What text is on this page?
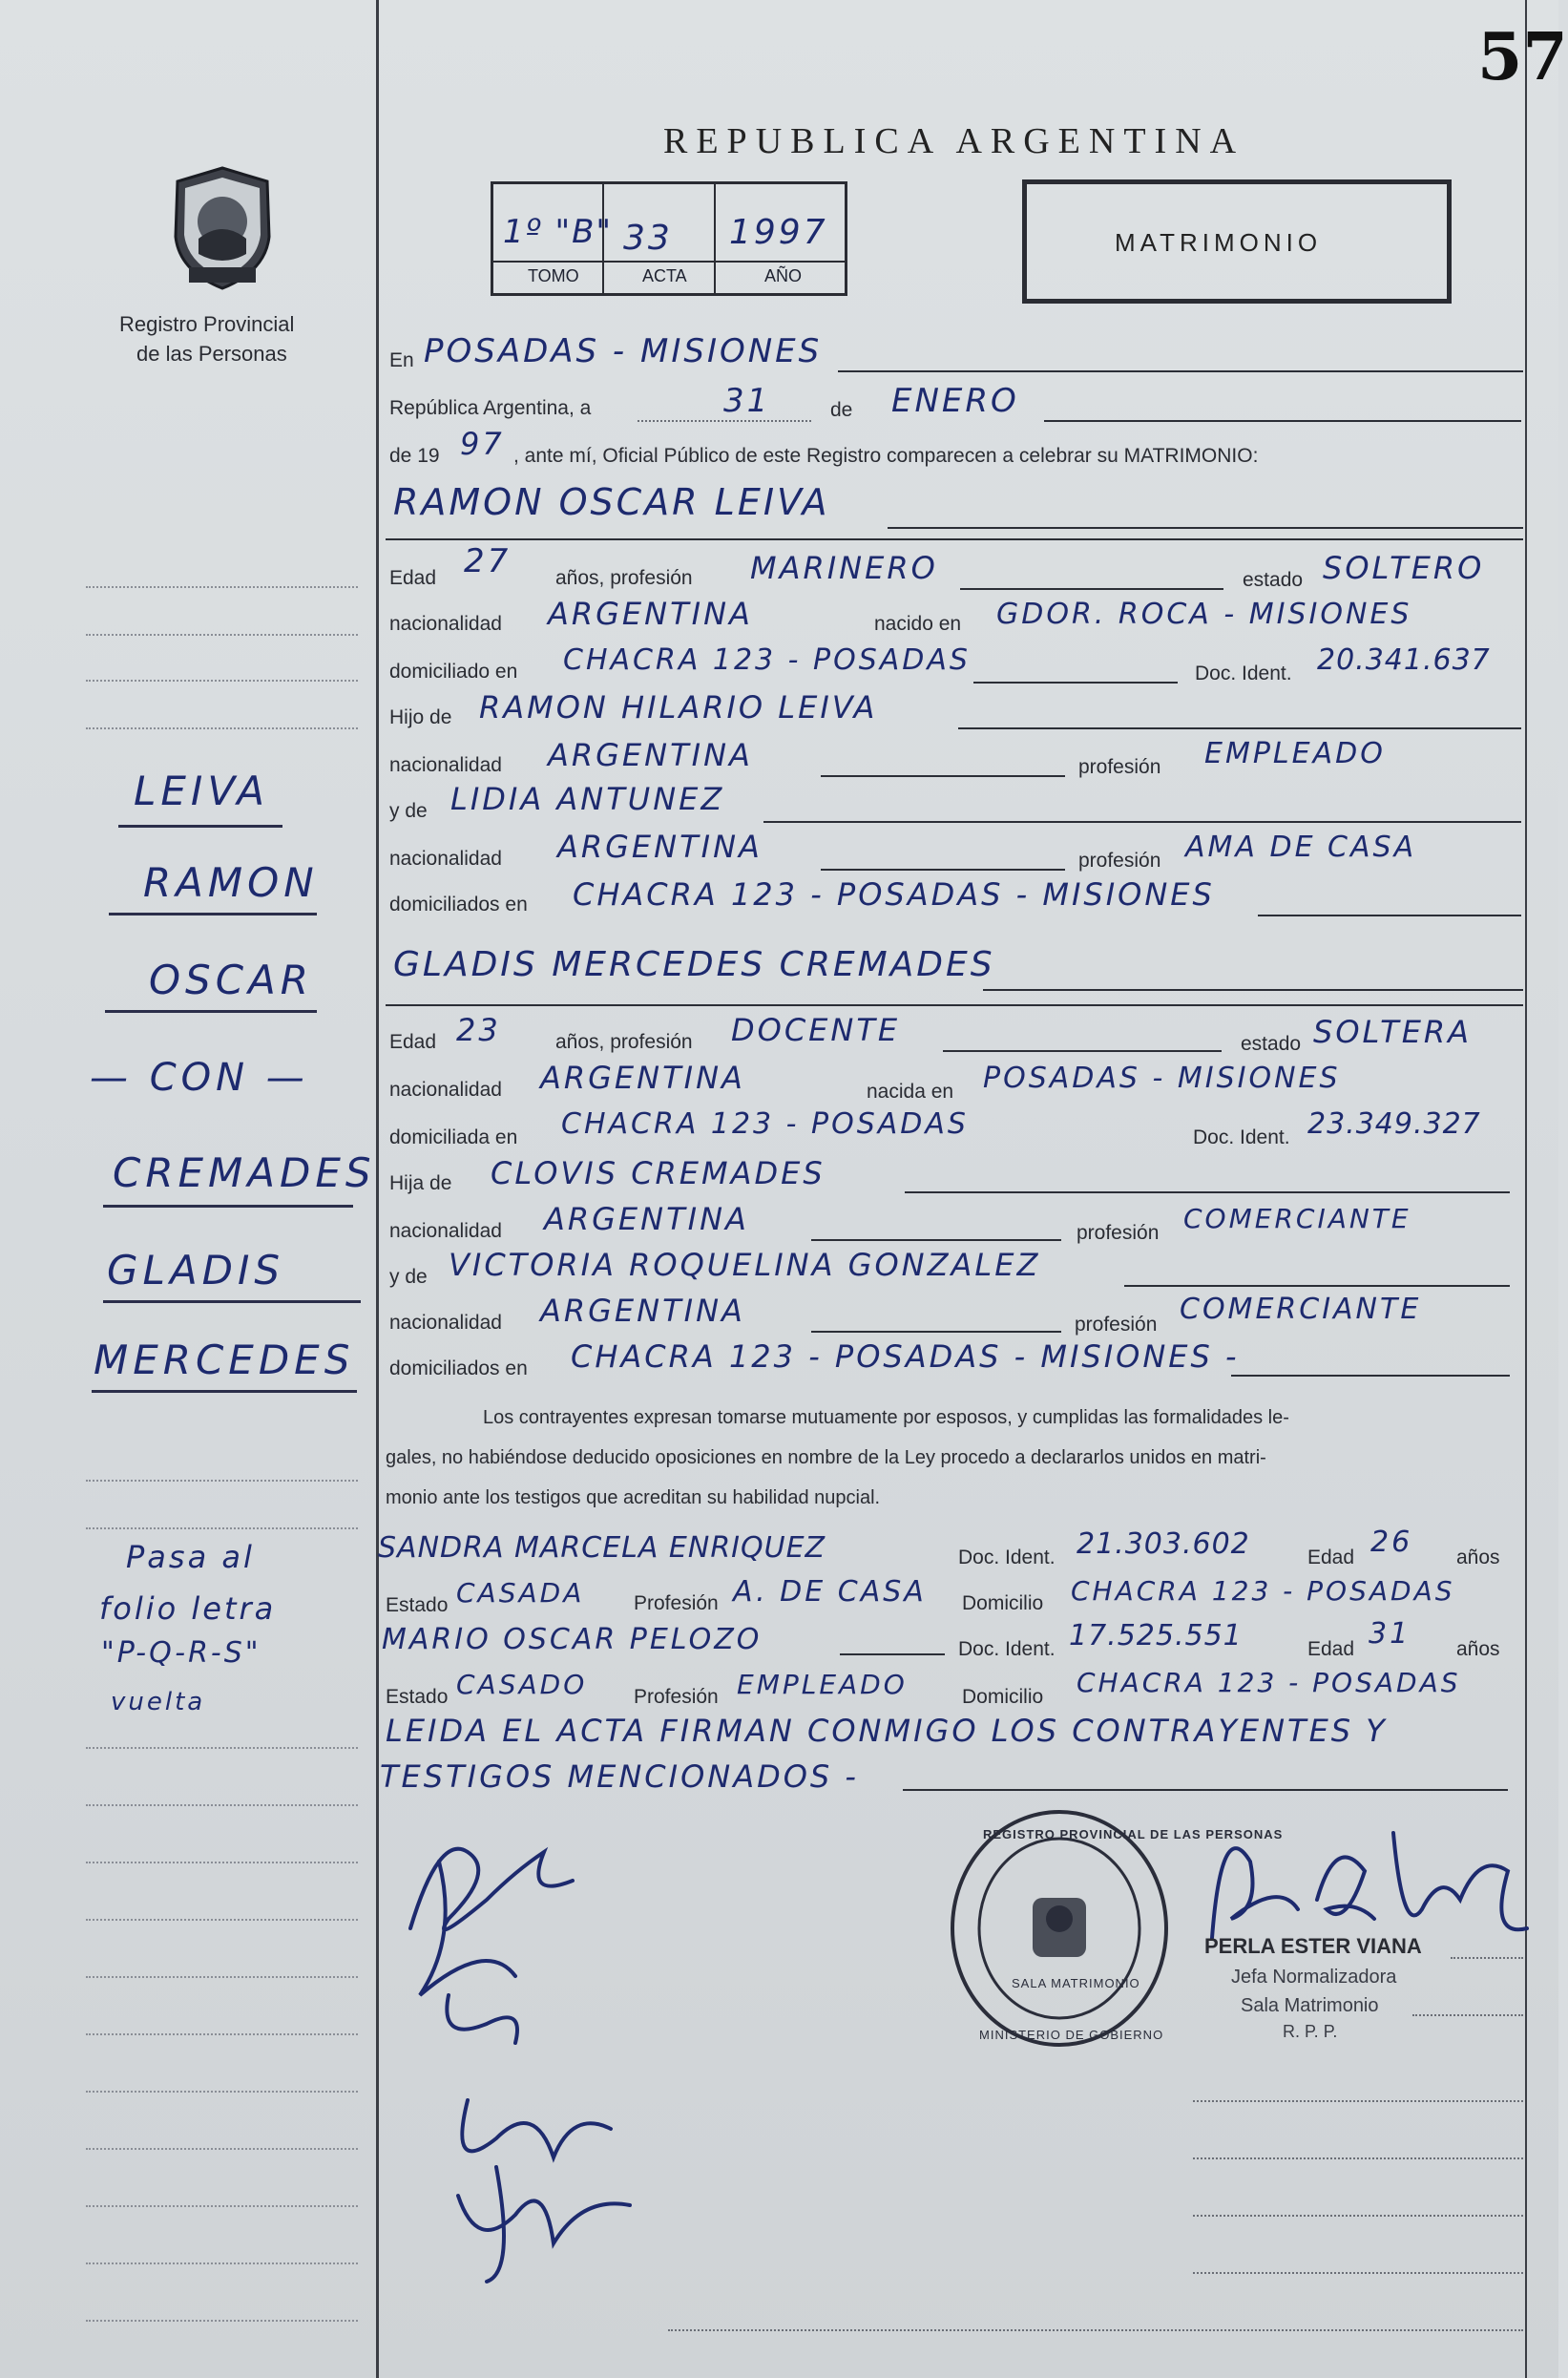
57
REPUBLICA ARGENTINA
Registro Provincial
de las Personas
1º "B" 33 1997
TOMO	ACTA	AÑO
MATRIMONIO
En POSADAS - MISIONES
República Argentina, a	31	de ENERO
de 19 97 , ante mí, Oficial Público de este Registro comparecen a celebrar su MATRIMONIO:
RAMON OSCAR LEIVA
Edad 27 años, profesión MARINERO	estado SOLTERO
nacionalidad ARGENTINA	nacido en GDOR. ROCA - MISIONES
domiciliado en CHACRA 123 - POSADAS	Doc. Ident. 20.341.637
Hijo de RAMON HILARIO LEIVA
nacionalidad ARGENTINA	profesión EMPLEADO
y de LIDIA ANTUNEZ
nacionalidad ARGENTINA	profesión AMA DE CASA
domiciliados en CHACRA 123 - POSADAS - MISIONES
GLADIS MERCEDES CREMADES
Edad 23	años, profesión DOCENTE	estado SOLTERA
nacionalidad ARGENTINA	nacida en POSADAS - MISIONES
domiciliada en CHACRA 123 - POSADAS	Doc. Ident. 23.349.327
Hija de CLOVIS CREMADES
nacionalidad ARGENTINA	profesión COMERCIANTE
y de VICTORIA ROQUELINA GONZALEZ
nacionalidad ARGENTINA	profesión COMERCIANTE
domiciliados en CHACRA 123 - POSADAS - MISIONES -
Los contrayentes expresan tomarse mutuamente por esposos, y cumplidas las formalidades le-
gales, no habiéndose deducido oposiciones en nombre de la Ley procedo a declararlos unidos en matri-
monio ante los testigos que acreditan su habilidad nupcial.
SANDRA MARCELA ENRIQUEZ	Doc. Ident. 21.303.602	Edad 26 años
Estado CASADA Profesión A. DE CASA Domicilio CHACRA 123 - POSADAS
MARIO OSCAR PELOZO	Doc. Ident. 17.525.551	Edad 31 años
Estado CASADO Profesión EMPLEADO	Domicilio CHACRA 123 - POSADAS
LEIDA EL ACTA FIRMAN CONMIGO LOS CONTRAYENTES Y
TESTIGOS MENCIONADOS -
REGISTRO PROVINCIAL DE LAS PERSONAS
SALA MATRIMONIO
MINISTERIO DE GOBIERNO
PERLA ESTER VIANA
Jefa Normalizadora
Sala Matrimonio
R. P. P.
LEIVA
RAMON
OSCAR
— CON —
CREMADES
GLADIS
MERCEDES
Pasa al
folio letra
"P-Q-R-S"
vuelta
